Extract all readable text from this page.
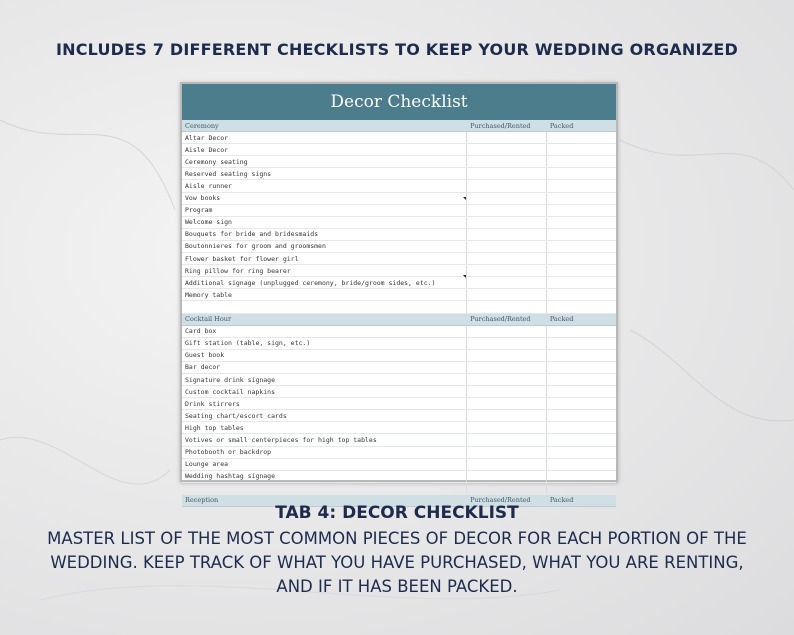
INCLUDES 7 DIFFERENT CHECKLISTS TO KEEP YOUR WEDDING ORGANIZED
Decor Checklist
Ceremony	Purchased/Rented	Packed
Altar Decor		
Aisle Decor		
Ceremony seating		
Reserved seating signs		
Aisle runner		
Vow books		
Program		
Welcome sign		
Bouquets for bride and bridesmaids		
Boutonnieres for groom and groomsmen		
Flower basket for flower girl		
Ring pillow for ring bearer		
Additional signage (unplugged ceremony, bride/groom sides, etc.)		
Memory table		

Cocktail Hour	Purchased/Rented	Packed
Card box		
Gift station (table, sign, etc.)		
Guest book		
Bar decor		
Signature drink signage		
Custom cocktail napkins		
Drink stirrers		
Seating chart/escort cards		
High top tables		
Votives or small centerpieces for high top tables		
Photobooth or backdrop		
Lounge area		
Wedding hashtag signage		

Reception	Purchased/Rented	Packed
TAB 4: DECOR CHECKLIST
MASTER LIST OF THE MOST COMMON PIECES OF DECOR FOR EACH PORTION OF THE WEDDING. KEEP TRACK OF WHAT YOU HAVE PURCHASED, WHAT YOU ARE RENTING, AND IF IT HAS BEEN PACKED.
